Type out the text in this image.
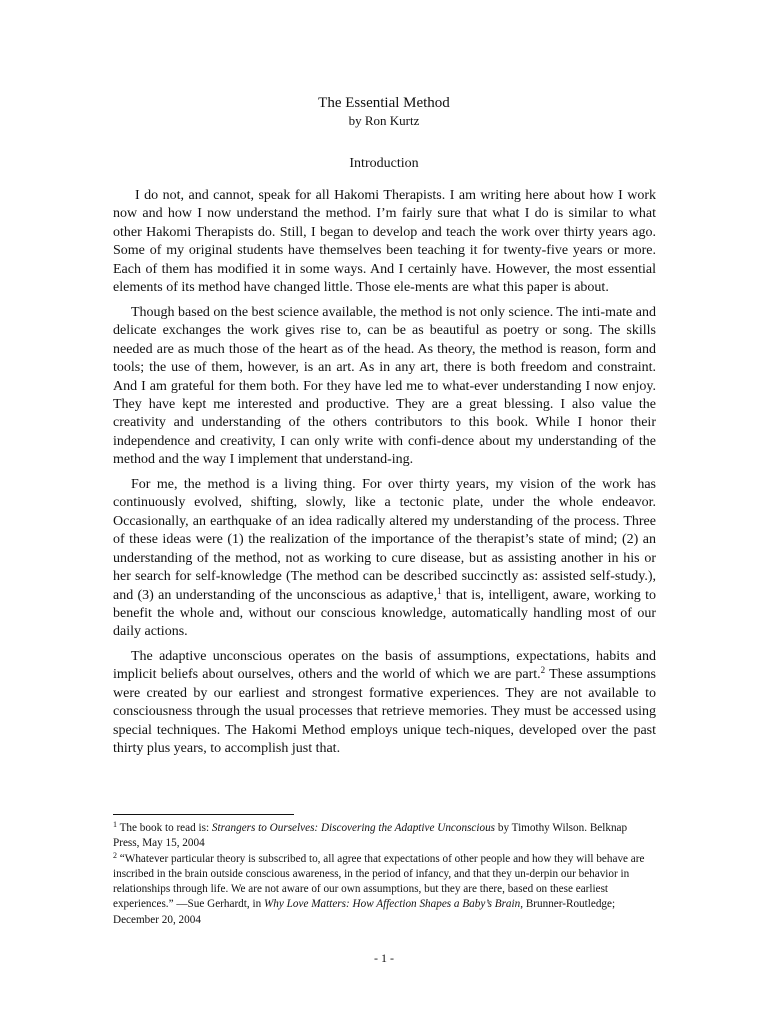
The Essential Method
by Ron Kurtz
Introduction

I do not, and cannot, speak for all Hakomi Therapists. I am writing here about how I work now and how I now understand the method. I’m fairly sure that what I do is similar to what other Hakomi Therapists do. Still, I began to develop and teach the work over thirty years ago. Some of my original students have themselves been teaching it for twenty-five years or more. Each of them has modified it in some ways. And I certainly have. However, the most essential elements of its method have changed little. Those ele-ments are what this paper is about.

Though based on the best science available, the method is not only science. The inti-mate and delicate exchanges the work gives rise to, can be as beautiful as poetry or song. The skills needed are as much those of the heart as of the head. As theory, the method is reason, form and tools; the use of them, however, is an art. As in any art, there is both freedom and constraint. And I am grateful for them both. For they have led me to what-ever understanding I now enjoy. They have kept me interested and productive. They are a great blessing. I also value the creativity and understanding of the others contributors to this book. While I honor their independence and creativity, I can only write with confi-dence about my understanding of the method and the way I implement that understand-ing.

For me, the method is a living thing. For over thirty years, my vision of the work has continuously evolved, shifting, slowly, like a tectonic plate, under the whole endeavor. Occasionally, an earthquake of an idea radically altered my understanding of the process. Three of these ideas were (1) the realization of the importance of the therapist’s state of mind; (2) an understanding of the method, not as working to cure disease, but as assisting another in his or her search for self-knowledge (The method can be described succinctly as: assisted self-study.), and (3) an understanding of the unconscious as adaptive,$^1$ that is, intelligent, aware, working to benefit the whole and, without our conscious knowledge, automatically handling most of our daily actions.

The adaptive unconscious operates on the basis of assumptions, expectations, habits and implicit beliefs about ourselves, others and the world of which we are part.$^2$ These assumptions were created by our earliest and strongest formative experiences. They are not available to consciousness through the usual processes that retrieve memories. They must be accessed using special techniques. The Hakomi Method employs unique tech-niques, developed over the past thirty plus years, to accomplish just that.

$^1$ The book to read is: Strangers to Ourselves: Discovering the Adaptive Unconscious by Timothy Wilson. Belknap Press, May 15, 2004

$^2$ “Whatever particular theory is subscribed to, all agree that expectations of other people and how they will behave are inscribed in the brain outside conscious awareness, in the period of infancy, and that they un-derpin our behavior in relationships through life. We are not aware of our own assumptions, but they are there, based on these earliest experiences.” —Sue Gerhardt, in Why Love Matters: How Affection Shapes a Baby’s Brain, Brunner-Routledge; December 20, 2004

- 1 -
